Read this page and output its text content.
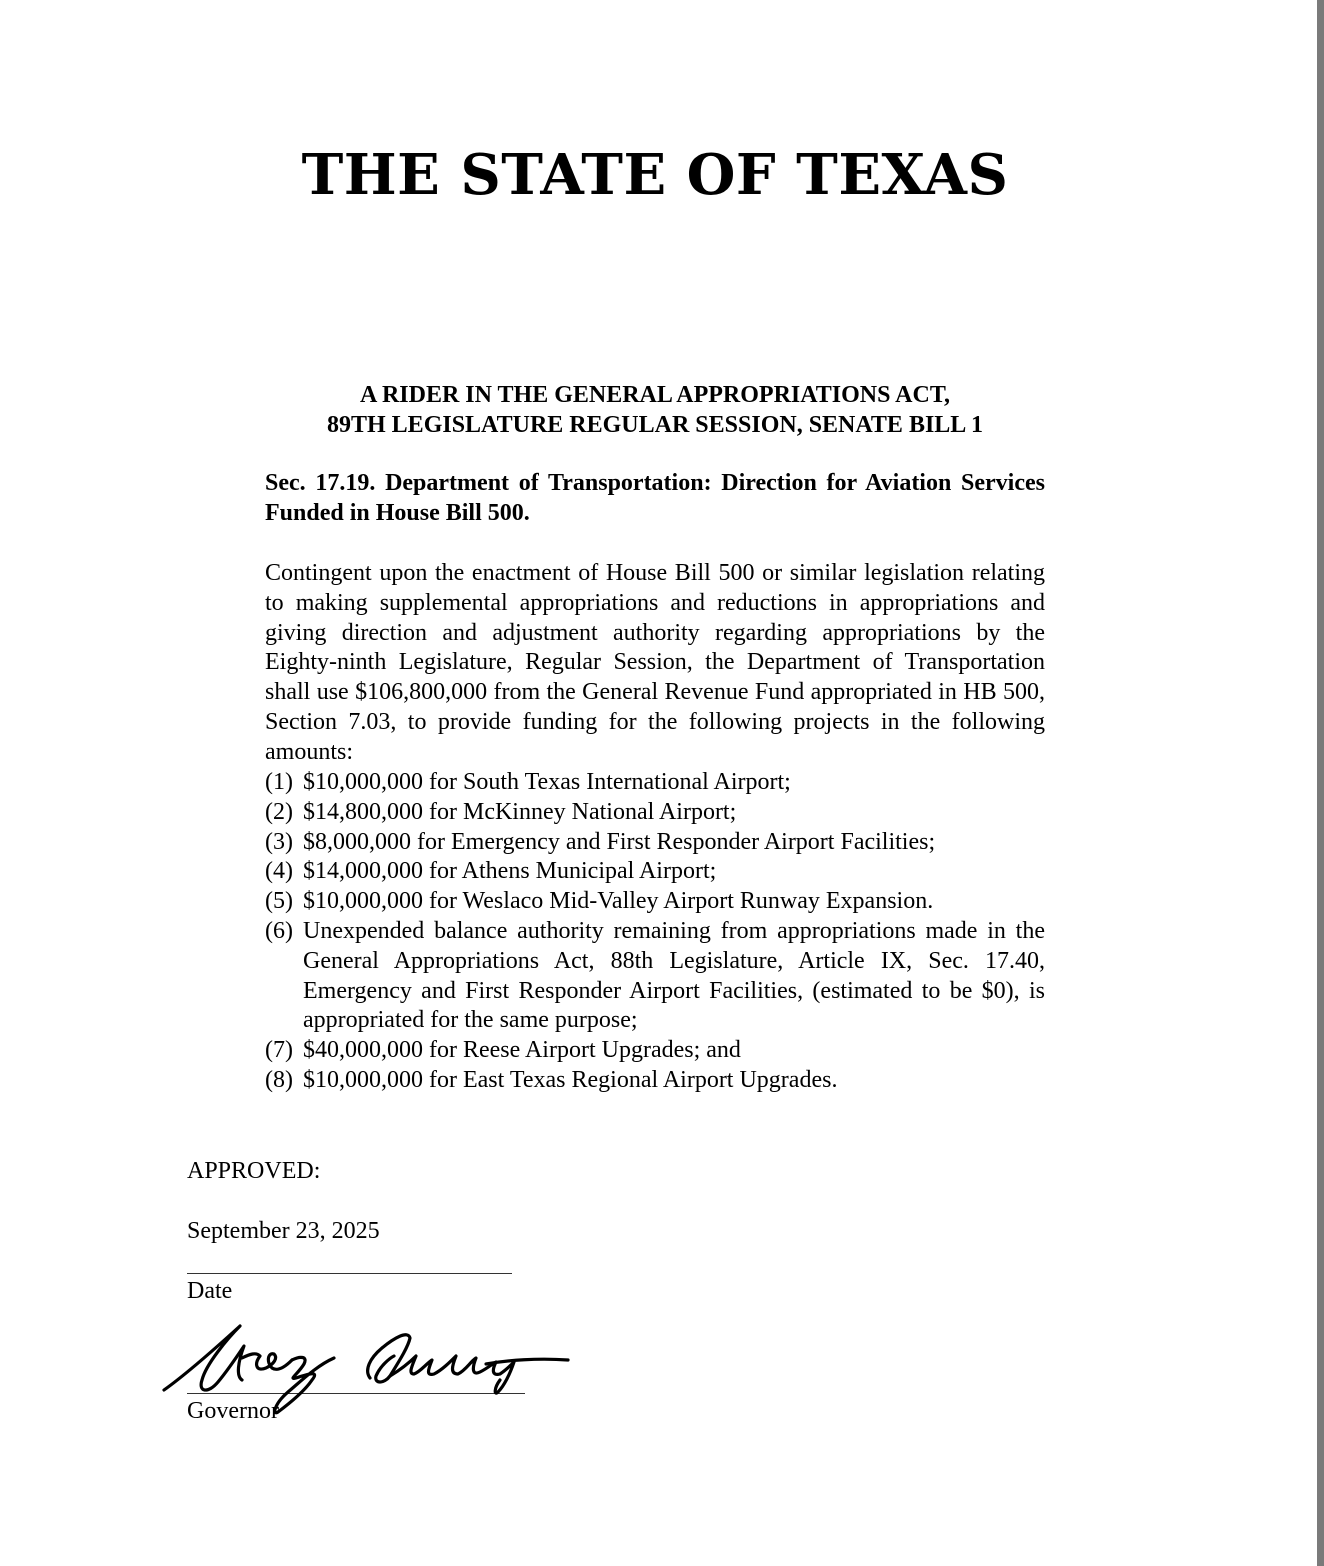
THE STATE OF TEXAS
A RIDER IN THE GENERAL APPROPRIATIONS ACT,
89TH LEGISLATURE REGULAR SESSION, SENATE BILL 1

Sec. 17.19. Department of Transportation: Direction for Aviation Services Funded in House Bill 500.

Contingent upon the enactment of House Bill 500 or similar legislation relating to making supplemental appropriations and reductions in appropriations and giving direction and adjustment authority regarding appropriations by the Eighty-ninth Legislature, Regular Session, the Department of Transportation shall use $106,800,000 from the General Revenue Fund appropriated in HB 500, Section 7.03, to provide funding for the following projects in the following amounts:

(1) $10,000,000 for South Texas International Airport;
(2) $14,800,000 for McKinney National Airport;
(3) $8,000,000 for Emergency and First Responder Airport Facilities;
(4) $14,000,000 for Athens Municipal Airport;
(5) $10,000,000 for Weslaco Mid-Valley Airport Runway Expansion.
(6) Unexpended balance authority remaining from appropriations made in the General Appropriations Act, 88th Legislature, Article IX, Sec. 17.40, Emergency and First Responder Airport Facilities, (estimated to be $0), is appropriated for the same purpose;
(7) $40,000,000 for Reese Airport Upgrades; and
(8) $10,000,000 for East Texas Regional Airport Upgrades.
APPROVED:
September 23, 2025
Date
Governor
